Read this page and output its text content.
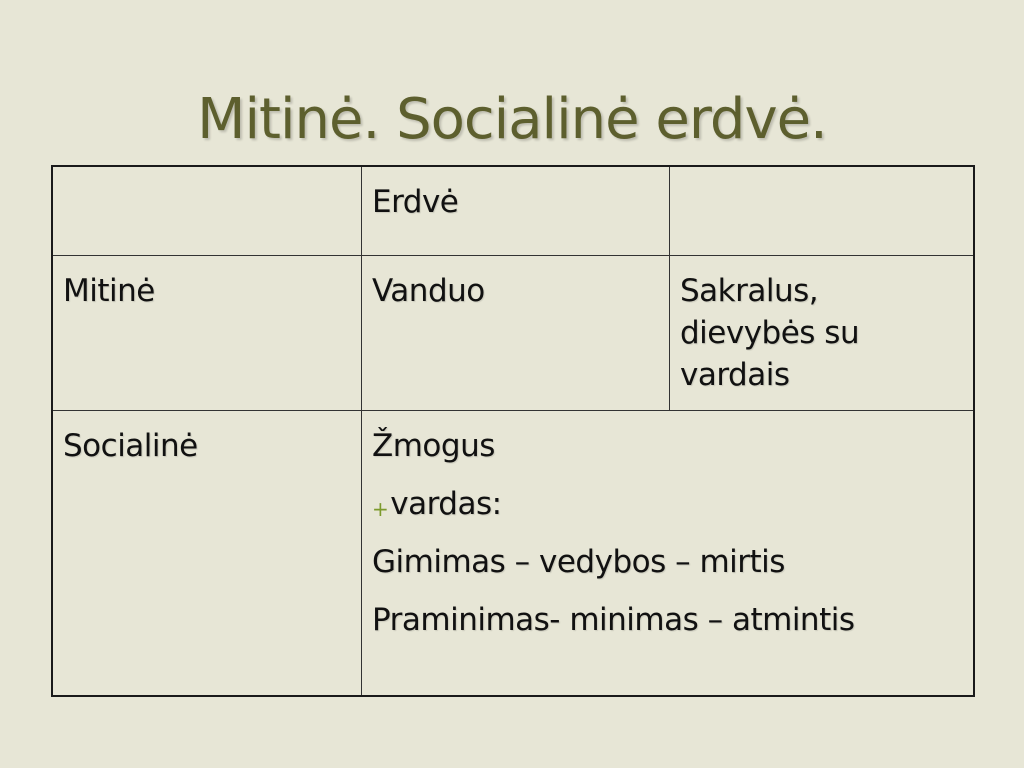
Mitinė. Socialinė erdvė.
	Erdvė	
Mitinė	Vanduo	Sakralus,
dievybės su
vardais

Socialinė	Žmogus
+vardas:
Gimimas – vedybos – mirtis
Praminimas- minimas – atmintis	
